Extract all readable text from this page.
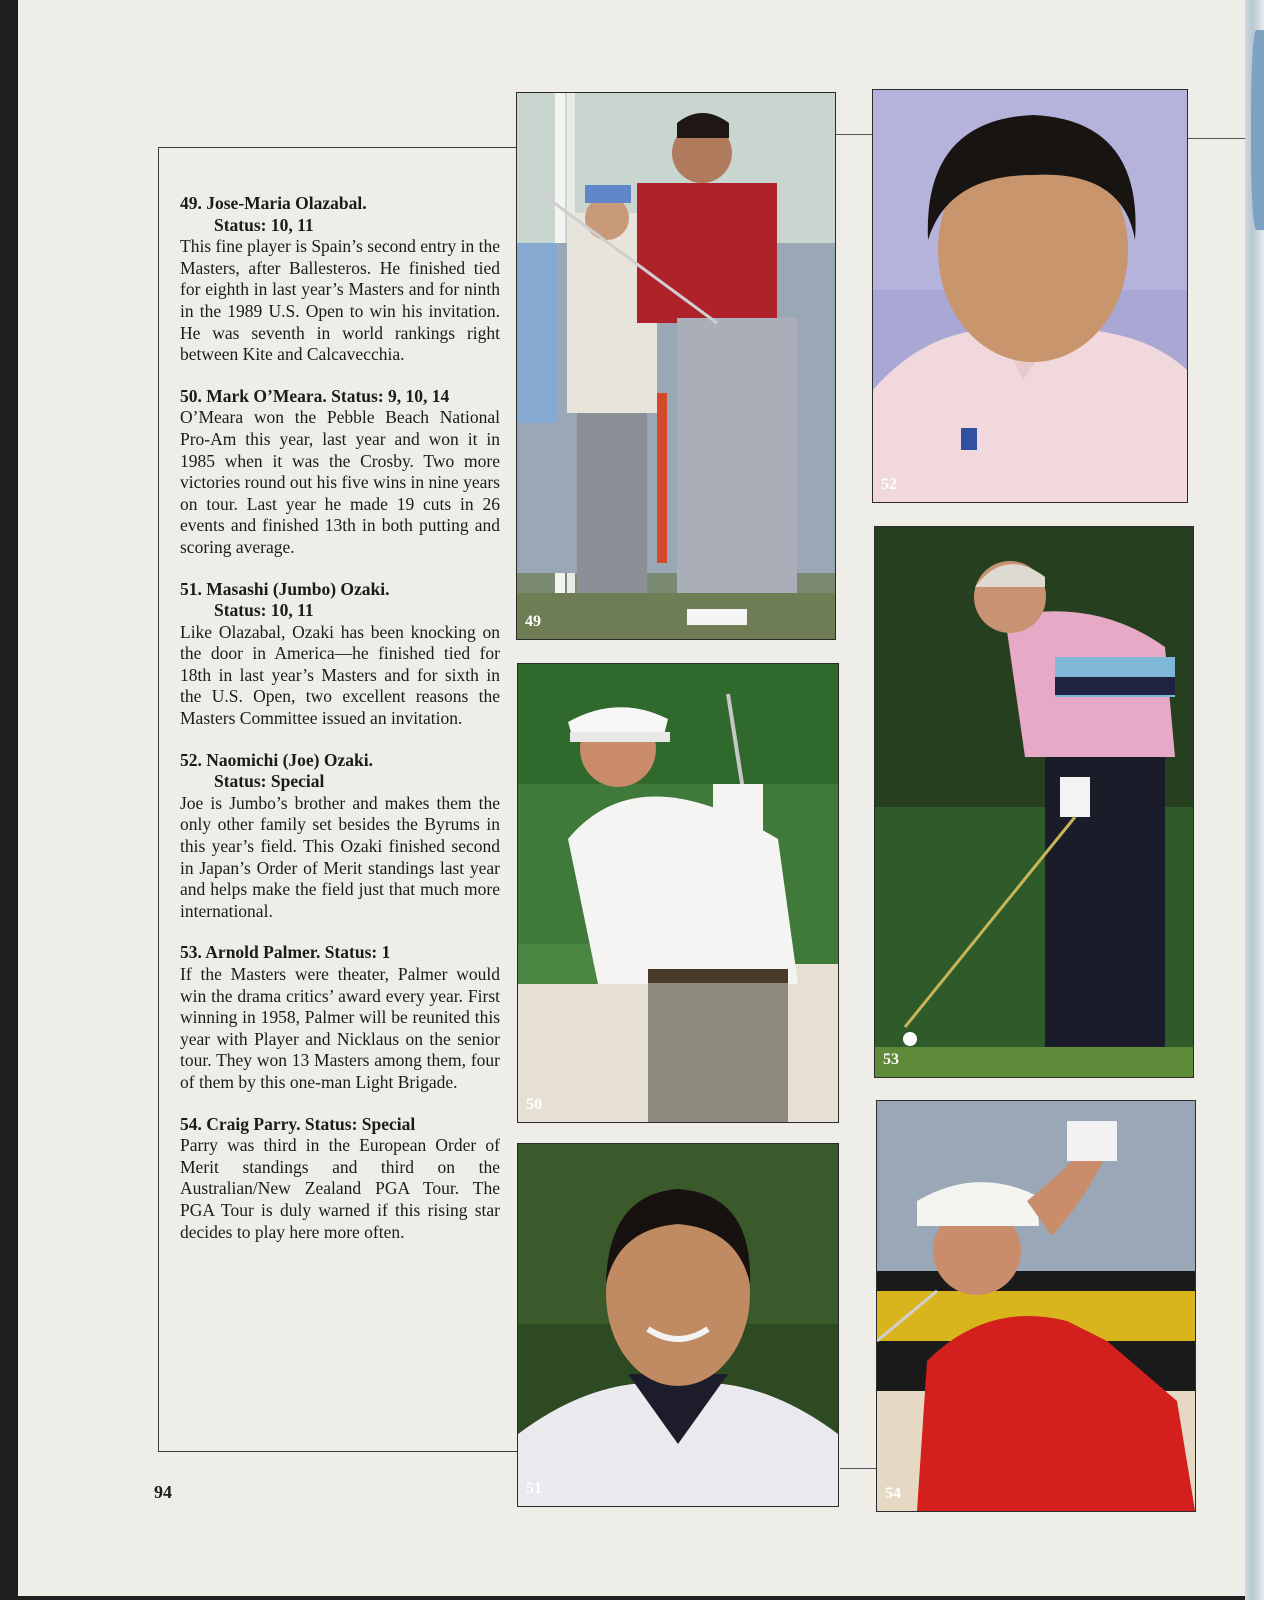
49. Jose-Maria Olazabal.
Status: 10, 11

This fine player is Spain’s second entry in the Masters, after Ballesteros. He finished tied for eighth in last year’s Masters and for ninth in the 1989 U.S. Open to win his invitation. He was seventh in world rankings right between Kite and Calcavecchia.

50. Mark O’Meara. Status: 9, 10, 14

O’Meara won the Pebble Beach National Pro-Am this year, last year and won it in 1985 when it was the Crosby. Two more victories round out his five wins in nine years on tour. Last year he made 19 cuts in 26 events and finished 13th in both putting and scoring average.

51. Masashi (Jumbo) Ozaki.
Status: 10, 11

Like Olazabal, Ozaki has been knocking on the door in America—he finished tied for 18th in last year’s Masters and for sixth in the U.S. Open, two excellent reasons the Masters Committee issued an invitation.

52. Naomichi (Joe) Ozaki.
Status: Special

Joe is Jumbo’s brother and makes them the only other family set besides the Byrums in this year’s field. This Ozaki finished second in Japan’s Order of Merit standings last year and helps make the field just that much more international.

53. Arnold Palmer. Status: 1

If the Masters were theater, Palmer would win the drama critics’ award every year. First winning in 1958, Palmer will be reunited this year with Player and Nicklaus on the senior tour. They won 13 Masters among them, four of them by this one-man Light Brigade.

54. Craig Parry. Status: Special

Parry was third in the European Order of Merit standings and third on the Australian/New Zealand PGA Tour. The PGA Tour is duly warned if this rising star decides to play here more often.

94
49
50
51
52
53
54
